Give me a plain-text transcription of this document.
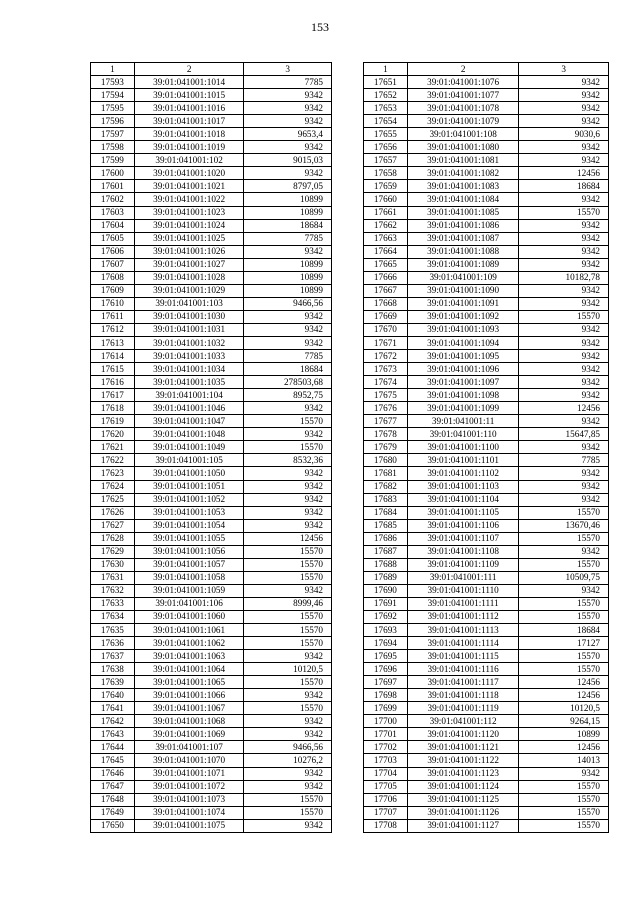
153
1	2	3
17593	39:01:041001:1014	7785
17594	39:01:041001:1015	9342
17595	39:01:041001:1016	9342
17596	39:01:041001:1017	9342
17597	39:01:041001:1018	9653,4
17598	39:01:041001:1019	9342
17599	39:01:041001:102	9015,03
17600	39:01:041001:1020	9342
17601	39:01:041001:1021	8797,05
17602	39:01:041001:1022	10899
17603	39:01:041001:1023	10899
17604	39:01:041001:1024	18684
17605	39:01:041001:1025	7785
17606	39:01:041001:1026	9342
17607	39:01:041001:1027	10899
17608	39:01:041001:1028	10899
17609	39:01:041001:1029	10899
17610	39:01:041001:103	9466,56
17611	39:01:041001:1030	9342
17612	39:01:041001:1031	9342
17613	39:01:041001:1032	9342
17614	39:01:041001:1033	7785
17615	39:01:041001:1034	18684
17616	39:01:041001:1035	278503,68
17617	39:01:041001:104	8952,75
17618	39:01:041001:1046	9342
17619	39:01:041001:1047	15570
17620	39:01:041001:1048	9342
17621	39:01:041001:1049	15570
17622	39:01:041001:105	8532,36
17623	39:01:041001:1050	9342
17624	39:01:041001:1051	9342
17625	39:01:041001:1052	9342
17626	39:01:041001:1053	9342
17627	39:01:041001:1054	9342
17628	39:01:041001:1055	12456
17629	39:01:041001:1056	15570
17630	39:01:041001:1057	15570
17631	39:01:041001:1058	15570
17632	39:01:041001:1059	9342
17633	39:01:041001:106	8999,46
17634	39:01:041001:1060	15570
17635	39:01:041001:1061	15570
17636	39:01:041001:1062	15570
17637	39:01:041001:1063	9342
17638	39:01:041001:1064	10120,5
17639	39:01:041001:1065	15570
17640	39:01:041001:1066	9342
17641	39:01:041001:1067	15570
17642	39:01:041001:1068	9342
17643	39:01:041001:1069	9342
17644	39:01:041001:107	9466,56
17645	39:01:041001:1070	10276,2
17646	39:01:041001:1071	9342
17647	39:01:041001:1072	9342
17648	39:01:041001:1073	15570
17649	39:01:041001:1074	15570
17650	39:01:041001:1075	9342
1	2	3
17651	39:01:041001:1076	9342
17652	39:01:041001:1077	9342
17653	39:01:041001:1078	9342
17654	39:01:041001:1079	9342
17655	39:01:041001:108	9030,6
17656	39:01:041001:1080	9342
17657	39:01:041001:1081	9342
17658	39:01:041001:1082	12456
17659	39:01:041001:1083	18684
17660	39:01:041001:1084	9342
17661	39:01:041001:1085	15570
17662	39:01:041001:1086	9342
17663	39:01:041001:1087	9342
17664	39:01:041001:1088	9342
17665	39:01:041001:1089	9342
17666	39:01:041001:109	10182,78
17667	39:01:041001:1090	9342
17668	39:01:041001:1091	9342
17669	39:01:041001:1092	15570
17670	39:01:041001:1093	9342
17671	39:01:041001:1094	9342
17672	39:01:041001:1095	9342
17673	39:01:041001:1096	9342
17674	39:01:041001:1097	9342
17675	39:01:041001:1098	9342
17676	39:01:041001:1099	12456
17677	39:01:041001:11	9342
17678	39:01:041001:110	15647,85
17679	39:01:041001:1100	9342
17680	39:01:041001:1101	7785
17681	39:01:041001:1102	9342
17682	39:01:041001:1103	9342
17683	39:01:041001:1104	9342
17684	39:01:041001:1105	15570
17685	39:01:041001:1106	13670,46
17686	39:01:041001:1107	15570
17687	39:01:041001:1108	9342
17688	39:01:041001:1109	15570
17689	39:01:041001:111	10509,75
17690	39:01:041001:1110	9342
17691	39:01:041001:1111	15570
17692	39:01:041001:1112	15570
17693	39:01:041001:1113	18684
17694	39:01:041001:1114	17127
17695	39:01:041001:1115	15570
17696	39:01:041001:1116	15570
17697	39:01:041001:1117	12456
17698	39:01:041001:1118	12456
17699	39:01:041001:1119	10120,5
17700	39:01:041001:112	9264,15
17701	39:01:041001:1120	10899
17702	39:01:041001:1121	12456
17703	39:01:041001:1122	14013
17704	39:01:041001:1123	9342
17705	39:01:041001:1124	15570
17706	39:01:041001:1125	15570
17707	39:01:041001:1126	15570
17708	39:01:041001:1127	15570
